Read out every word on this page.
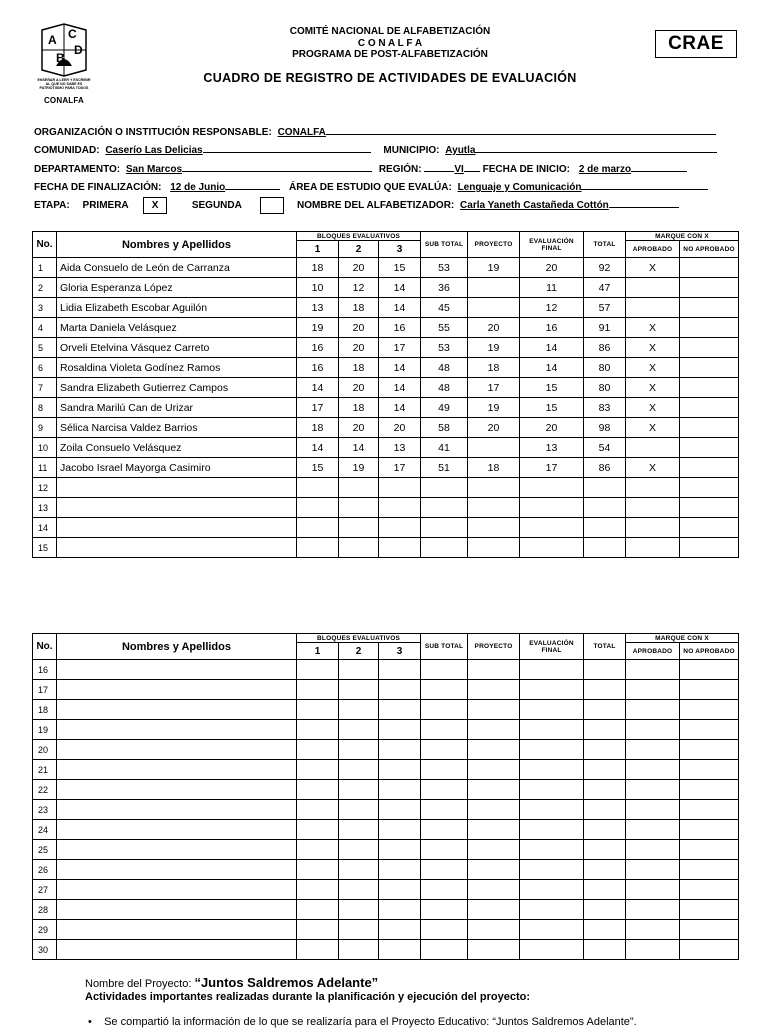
A
B
C
D
ENSEÑAR A LEER Y ESCRIBIR AL QUE NO SABE ES PATRIOTISMO PARA TODOS
CONALFA
COMITÉ NACIONAL DE ALFABETIZACIÓN
C O N A L F A
PROGRAMA DE POST-ALFABETIZACIÓN
CRAE
CUADRO DE REGISTRO DE ACTIVIDADES DE EVALUACIÓN
ORGANIZACIÓN O INSTITUCIÓN RESPONSABLE: CONALFA
COMUNIDAD: Caserío Las Delicias	MUNICIPIO: Ayutla
DEPARTAMENTO: San Marcos	REGIÓN:	VI FECHA DE INICIO: 2 de marzo
FECHA DE FINALIZACIÓN: 12 de Junio	ÁREA DE ESTUDIO QUE EVALÚA: Lenguaje y Comunicación
ETAPA: PRIMERA X	SEGUNDA	NOMBRE DEL ALFABETIZADOR: Carla Yaneth Castañeda Cottón
No.	Nombres y Apellidos	BLOQUES EVALUATIVOS			SUB TOTAL	PROYECTO	EVALUACIÓN FINAL	TOTAL	MARQUE CON X	
		1	2	3					APROBADO	NO APROBADO
1	Aida Consuelo de León de Carranza	18	20	15	53	19	20	92	X	
2	Gloria Esperanza López	10	12	14	36		11	47		
3	Lidia Elizabeth Escobar Aguilón	13	18	14	45		12	57		
4	Marta Daniela Velásquez	19	20	16	55	20	16	91	X	
5	Orveli Etelvina Vásquez Carreto	16	20	17	53	19	14	86	X	
6	Rosaldina Violeta Godínez Ramos	16	18	14	48	18	14	80	X	
7	Sandra Elizabeth Gutierrez Campos	14	20	14	48	17	15	80	X	
8	Sandra Marilú Can de Urizar	17	18	14	49	19	15	83	X	
9	Sélica Narcisa Valdez Barrios	18	20	20	58	20	20	98	X	
10	Zoila Consuelo Velásquez	14	14	13	41		13	54		
11	Jacobo Israel Mayorga Casimiro	15	19	17	51	18	17	86	X	
12										
13										
14										
15										
No.	Nombres y Apellidos	BLOQUES EVALUATIVOS			SUB TOTAL	PROYECTO	EVALUACIÓN FINAL	TOTAL	MARQUE CON X	
		1	2	3					APROBADO	NO APROBADO
16										
17										
18										
19										
20										
21										
22										
23										
24										
25										
26										
27										
28										
29										
30										
Nombre del Proyecto: “Juntos Saldremos Adelante”
Actividades importantes realizadas durante la planificación y ejecución del proyecto:
•    Se compartió la información de lo que se realizaría para el Proyecto Educativo: “Juntos Saldremos Adelante”.
